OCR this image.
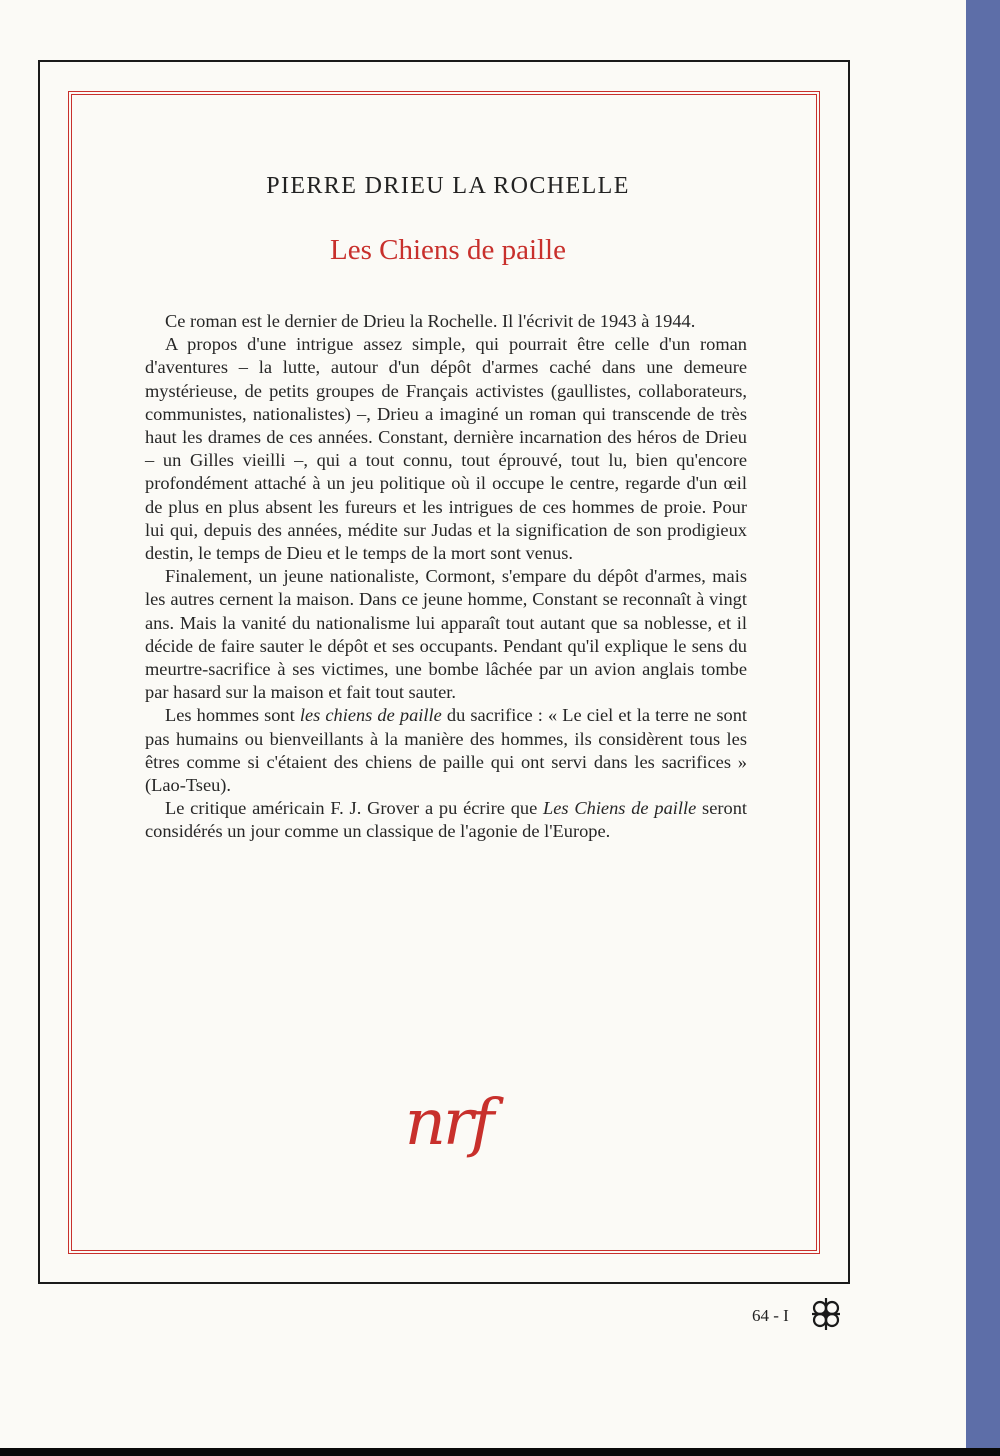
PIERRE DRIEU LA ROCHELLE
Les Chiens de paille

Ce roman est le dernier de Drieu la Rochelle. Il l'écrivit de 1943 à 1944.

A propos d'une intrigue assez simple, qui pourrait être celle d'un roman d'aventures – la lutte, autour d'un dépôt d'armes caché dans une demeure mystérieuse, de petits groupes de Français activistes (gaullistes, collaborateurs, communistes, nationalistes) –, Drieu a imaginé un roman qui transcende de très haut les drames de ces années. Constant, dernière incarnation des héros de Drieu – un Gilles vieilli –, qui a tout connu, tout éprouvé, tout lu, bien qu'encore profondément attaché à un jeu politique où il occupe le centre, regarde d'un œil de plus en plus absent les fureurs et les intrigues de ces hommes de proie. Pour lui qui, depuis des années, médite sur Judas et la signification de son prodigieux destin, le temps de Dieu et le temps de la mort sont venus.

Finalement, un jeune nationaliste, Cormont, s'empare du dépôt d'armes, mais les autres cernent la maison. Dans ce jeune homme, Constant se reconnaît à vingt ans. Mais la vanité du nationalisme lui apparaît tout autant que sa noblesse, et il décide de faire sauter le dépôt et ses occupants. Pendant qu'il explique le sens du meurtre-sacrifice à ses victimes, une bombe lâchée par un avion anglais tombe par hasard sur la maison et fait tout sauter.

Les hommes sont les chiens de paille du sacrifice : « Le ciel et la terre ne sont pas humains ou bienveillants à la manière des hommes, ils considèrent tous les êtres comme si c'étaient des chiens de paille qui ont servi dans les sacrifices » (Lao-Tseu).

Le critique américain F. J. Grover a pu écrire que Les Chiens de paille seront considérés un jour comme un classique de l'agonie de l'Europe.

nrf
64 - I
